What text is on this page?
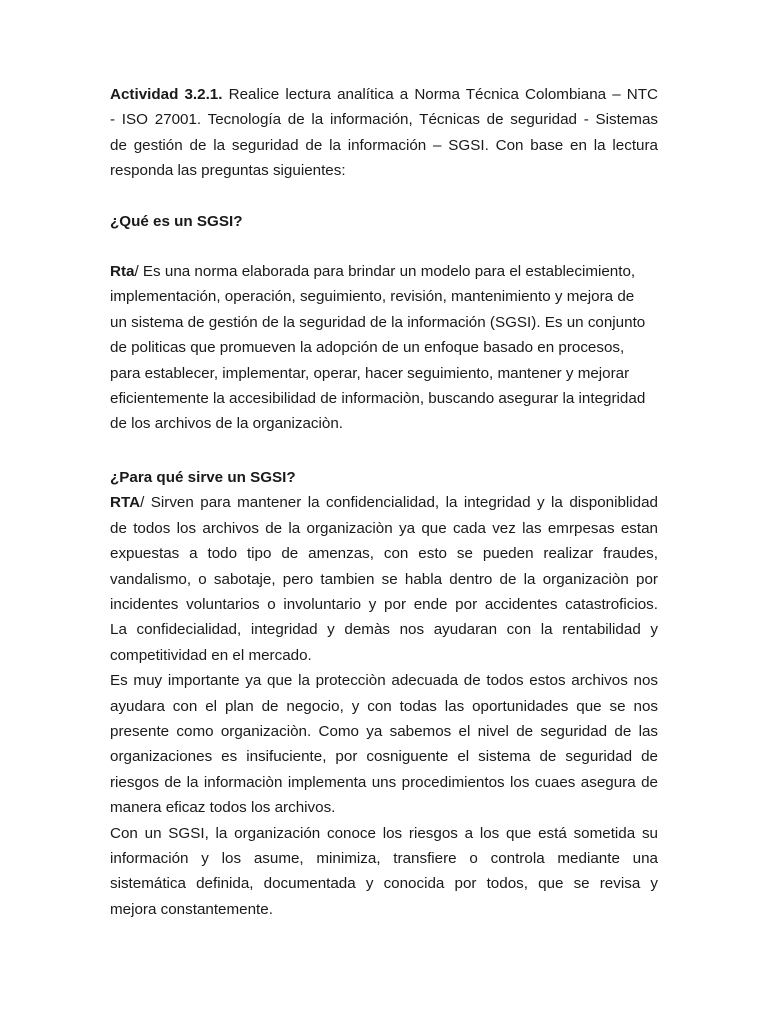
Actividad 3.2.1. Realice lectura analítica a Norma Técnica Colombiana – NTC
- ISO 27001. Tecnología de la información, Técnicas de seguridad - Sistemas
de gestión de la seguridad de la información – SGSI. Con base en la lectura
responda las preguntas siguientes:
¿Qué es un SGSI?
Rta/ Es una norma elaborada para brindar un modelo para el establecimiento,
implementación, operación, seguimiento, revisión, mantenimiento y mejora de
un sistema de gestión de la seguridad de la información (SGSI). Es un conjunto
de politicas que promueven la adopción de un enfoque basado en procesos,
para establecer, implementar, operar, hacer seguimiento, mantener y mejorar
eficientemente la accesibilidad de informaciòn, buscando asegurar la integridad
de los archivos de la organizaciòn.
¿Para qué sirve un SGSI?
RTA/ Sirven para mantener la confidencialidad, la integridad y la disponiblidad
de todos los archivos de la organizaciòn ya que cada vez las emrpesas estan
expuestas a todo tipo de amenzas, con esto se pueden realizar fraudes,
vandalismo, o sabotaje, pero tambien se habla dentro de la organizaciòn por
incidentes voluntarios o involuntario y por ende por accidentes catastroficios.
La confidecialidad, integridad y demàs nos ayudaran con la rentabilidad y
competitividad en el mercado.
Es muy importante ya que la protecciòn adecuada de todos estos archivos nos
ayudara con el plan de negocio, y con todas las oportunidades que se nos
presente como organizaciòn. Como ya sabemos el nivel de seguridad de las
organizaciones es insifuciente, por cosniguente el sistema de seguridad de
riesgos de la informaciòn implementa uns procedimientos los cuaes asegura de
manera eficaz todos los archivos.
Con un SGSI, la organización conoce los riesgos a los que está sometida su
información y los asume, minimiza, transfiere o controla mediante una
sistemática definida, documentada y conocida por todos, que se revisa y
mejora constantemente.
